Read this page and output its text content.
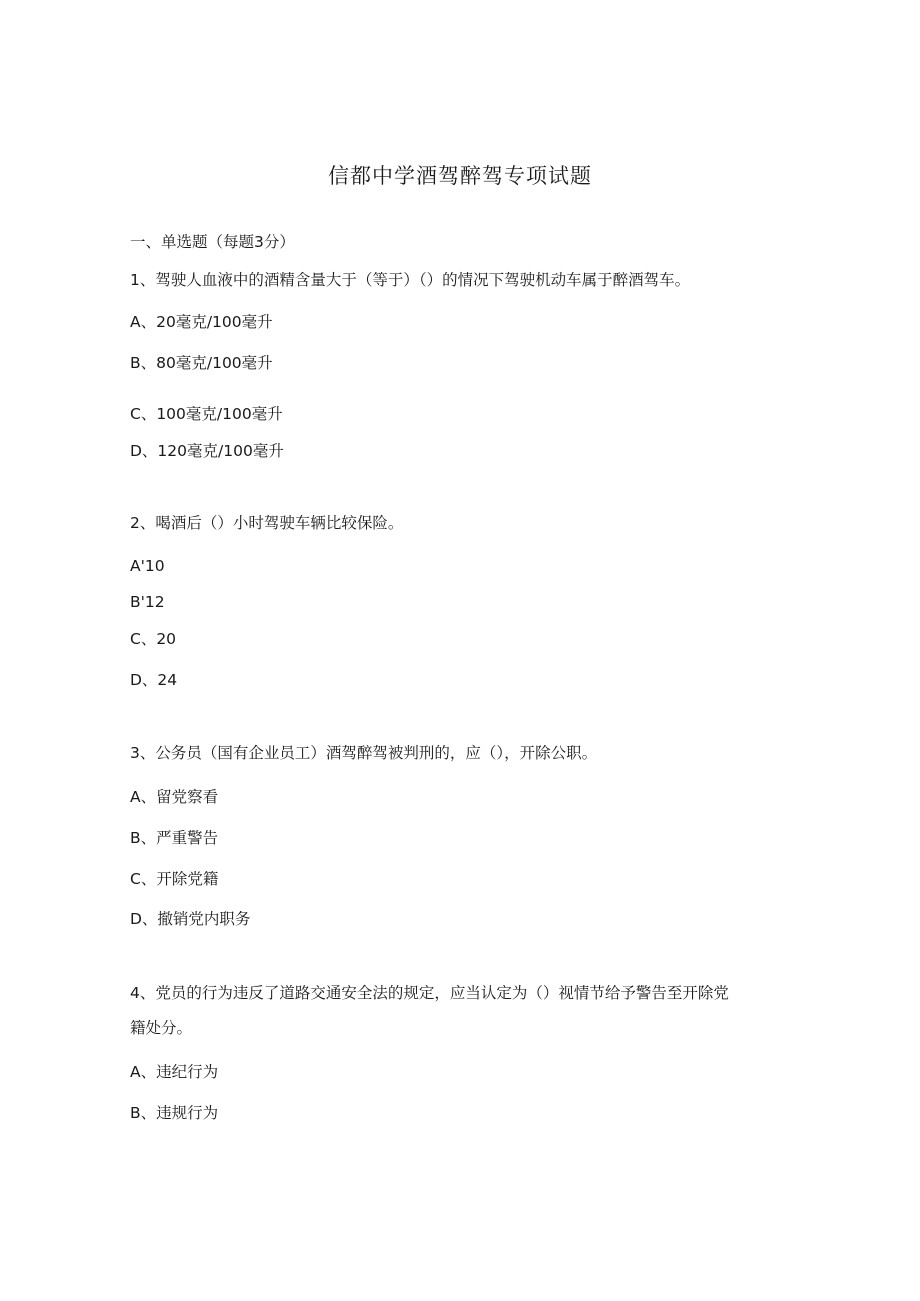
信都中学酒驾醉驾专项试题
一、单选题（每题3分）
1、驾驶人血液中的酒精含量大于（等于）（）的情况下驾驶机动车属于醉酒驾车。
A、20毫克/100毫升
B、80毫克/100毫升
C、100毫克/100毫升
D、120毫克/100毫升
2、喝酒后（）小时驾驶车辆比较保险。
A'10
B'12
C、20
D、24
3、公务员（国有企业员工）酒驾醉驾被判刑的，应（），开除公职。
A、留党察看
B、严重警告
C、开除党籍
D、撤销党内职务
4、党员的行为违反了道路交通安全法的规定，应当认定为（）视情节给予警告至开除党
籍处分。
A、违纪行为
B、违规行为
